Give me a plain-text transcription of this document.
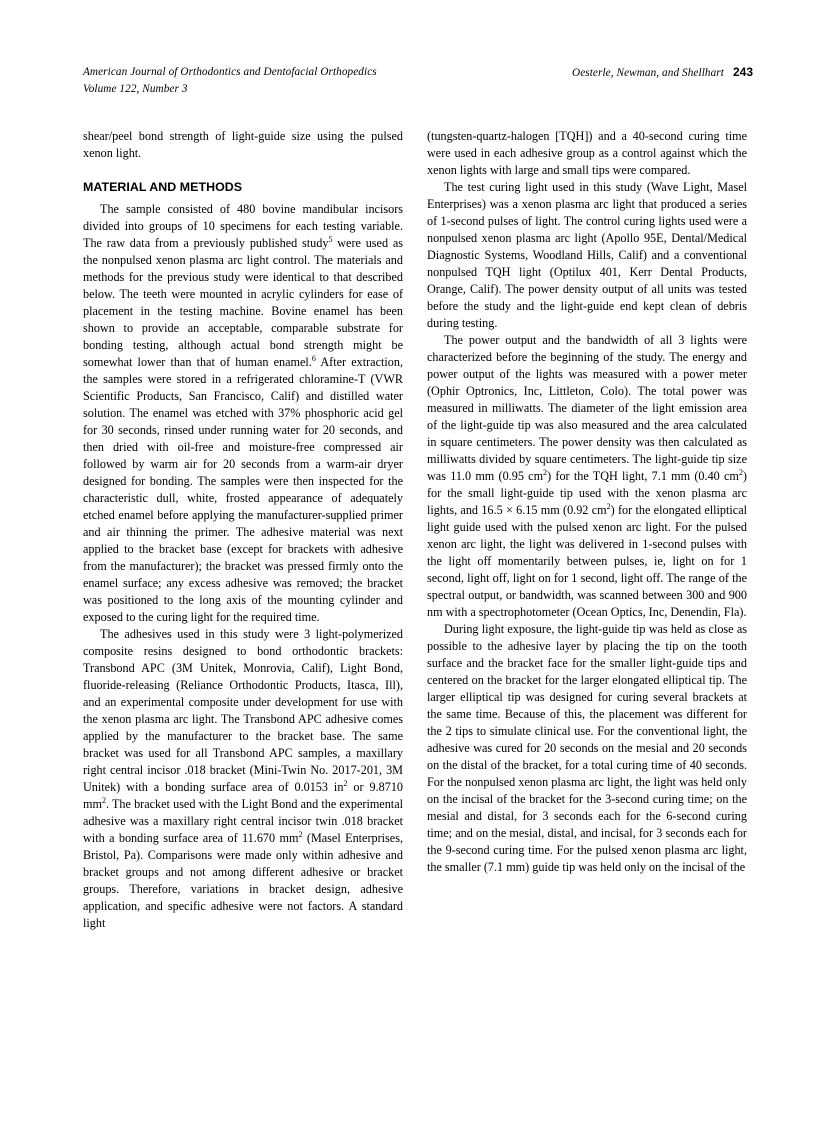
American Journal of Orthodontics and Dentofacial Orthopedics
Volume 122, Number 3
Oesterle, Newman, and Shellhart 243

shear/peel bond strength of light-guide size using the pulsed xenon light.

MATERIAL AND METHODS

The sample consisted of 480 bovine mandibular incisors divided into groups of 10 specimens for each testing variable. The raw data from a previously published study$^5$ were used as the nonpulsed xenon plasma arc light control. The materials and methods for the previous study were identical to that described below. The teeth were mounted in acrylic cylinders for ease of placement in the testing machine. Bovine enamel has been shown to provide an acceptable, comparable substrate for bonding testing, although actual bond strength might be somewhat lower than that of human enamel.$^6$ After extraction, the samples were stored in a refrigerated chloramine-T (VWR Scientific Products, San Francisco, Calif) and distilled water solution. The enamel was etched with 37% phosphoric acid gel for 30 seconds, rinsed under running water for 20 seconds, and then dried with oil-free and moisture-free compressed air followed by warm air for 20 seconds from a warm-air dryer designed for bonding. The samples were then inspected for the characteristic dull, white, frosted appearance of adequately etched enamel before applying the manufacturer-supplied primer and air thinning the primer. The adhesive material was next applied to the bracket base (except for brackets with adhesive from the manufacturer); the bracket was pressed firmly onto the enamel surface; any excess adhesive was removed; the bracket was positioned to the long axis of the mounting cylinder and exposed to the curing light for the required time.

The adhesives used in this study were 3 light-polymerized composite resins designed to bond orthodontic brackets: Transbond APC (3M Unitek, Monrovia, Calif), Light Bond, fluoride-releasing (Reliance Orthodontic Products, Itasca, Ill), and an experimental composite under development for use with the xenon plasma arc light. The Transbond APC adhesive comes applied by the manufacturer to the bracket base. The same bracket was used for all Transbond APC samples, a maxillary right central incisor .018 bracket (Mini-Twin No. 2017-201, 3M Unitek) with a bonding surface area of 0.0153 $in^2$ or 9.8710 $mm^2$. The bracket used with the Light Bond and the experimental adhesive was a maxillary right central incisor twin .018 bracket with a bonding surface area of 11.670 $mm^2$ (Masel Enterprises, Bristol, Pa). Comparisons were made only within adhesive and bracket groups and not among different adhesive or bracket groups. Therefore, variations in bracket design, adhesive application, and specific adhesive were not factors. A standard light

(tungsten-quartz-halogen [TQH]) and a 40-second curing time were used in each adhesive group as a control against which the xenon lights with large and small tips were compared.

The test curing light used in this study (Wave Light, Masel Enterprises) was a xenon plasma arc light that produced a series of 1-second pulses of light. The control curing lights used were a nonpulsed xenon plasma arc light (Apollo 95E, Dental/Medical Diagnostic Systems, Woodland Hills, Calif) and a conventional nonpulsed TQH light (Optilux 401, Kerr Dental Products, Orange, Calif). The power density output of all units was tested before the study and the light-guide end kept clean of debris during testing.

The power output and the bandwidth of all 3 lights were characterized before the beginning of the study. The energy and power output of the lights was measured with a power meter (Ophir Optronics, Inc, Littleton, Colo). The total power was measured in milliwatts. The diameter of the light emission area of the light-guide tip was also measured and the area calculated in square centimeters. The power density was then calculated as milliwatts divided by square centimeters. The light-guide tip size was 11.0 mm (0.95 $cm^2$) for the TQH light, 7.1 mm (0.40 $cm^2$) for the small light-guide tip used with the xenon plasma arc lights, and 16.5 × 6.15 mm (0.92 $cm^2$) for the elongated elliptical light guide used with the pulsed xenon arc light. For the pulsed xenon arc light, the light was delivered in 1-second pulses with the light off momentarily between pulses, ie, light on for 1 second, light off, light on for 1 second, light off. The range of the spectral output, or bandwidth, was scanned between 300 and 900 nm with a spectrophotometer (Ocean Optics, Inc, Denendin, Fla).

During light exposure, the light-guide tip was held as close as possible to the adhesive layer by placing the tip on the tooth surface and the bracket face for the smaller light-guide tips and centered on the bracket for the larger elongated elliptical tip. The larger elliptical tip was designed for curing several brackets at the same time. Because of this, the placement was different for the 2 tips to simulate clinical use. For the conventional light, the adhesive was cured for 20 seconds on the mesial and 20 seconds on the distal of the bracket, for a total curing time of 40 seconds. For the nonpulsed xenon plasma arc light, the light was held only on the incisal of the bracket for the 3-second curing time; on the mesial and distal, for 3 seconds each for the 6-second curing time; and on the mesial, distal, and incisal, for 3 seconds each for the 9-second curing time. For the pulsed xenon plasma arc light, the smaller (7.1 mm) guide tip was held only on the incisal of the
